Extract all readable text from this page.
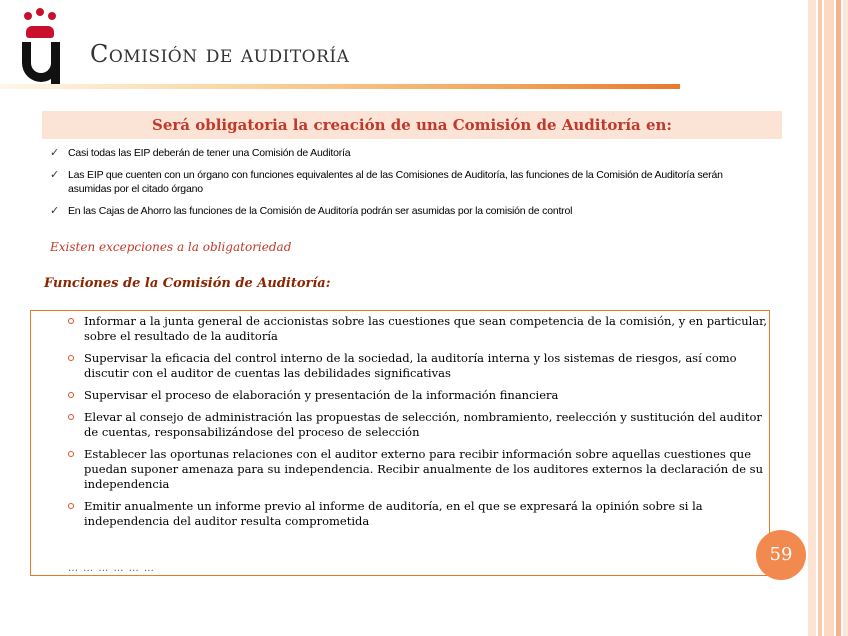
Comisión de auditoría
Será obligatoria la creación de una Comisión de Auditoría en:
✓ Casi todas las EIP deberán de tener una Comisión de Auditoría
✓ Las EIP que cuenten con un órgano con funciones equivalentes al de las Comisiones de Auditoría, las funciones de la Comisión de Auditoría serán asumidas por el citado órgano
✓ En las Cajas de Ahorro las funciones de la Comisión de Auditoría podrán ser asumidas por la comisión de control
Existen excepciones a la obligatoriedad
Funciones de la Comisión de Auditoría:
Informar a la junta general de accionistas sobre las cuestiones que sean competencia de la comisión, y en particular, sobre el resultado de la auditoría
Supervisar la eficacia del control interno de la sociedad, la auditoría interna y los sistemas de riesgos, así como discutir con el auditor de cuentas las debilidades significativas
Supervisar el proceso de elaboración y presentación de la información financiera
Elevar al consejo de administración las propuestas de selección, nombramiento, reelección y sustitución del auditor de cuentas, responsabilizándose del proceso de selección
Establecer las oportunas relaciones con el auditor externo para recibir información sobre aquellas cuestiones que puedan suponer amenaza para su independencia. Recibir anualmente de los auditores externos la declaración de su independencia
Emitir anualmente un informe previo al informe de auditoría, en el que se expresará la opinión sobre si la independencia del auditor resulta comprometida
… … … … … …
59
